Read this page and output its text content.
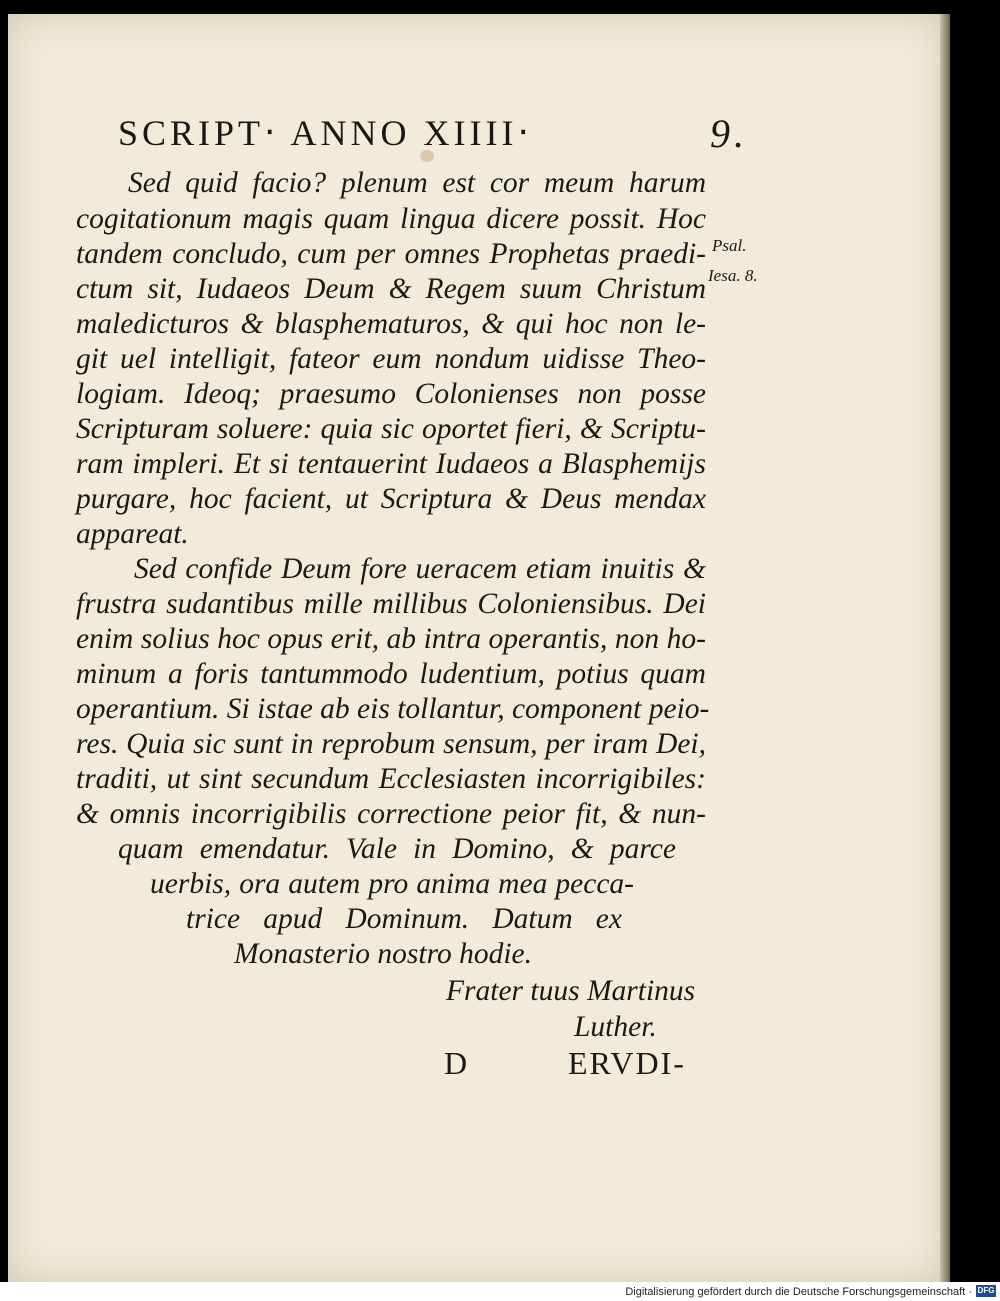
SCRIPT‧ ANNO XIIII‧	9.
Psal.
Iesa. 8.
Sed quid facio? plenum est cor meum harum
cogitationum magis quam lingua dicere possit. Hoc
tandem concludo, cum per omnes Prophetas praedi-
ctum sit, Iudaeos Deum & Regem suum Christum
maledicturos & blasphematuros, & qui hoc non le-
git uel intelligit, fateor eum nondum uidisse Theo-
logiam. Ideoq; praesumo Colonienses non posse
Scripturam soluere: quia sic oportet fieri, & Scriptu-
ram impleri. Et si tentauerint Iudaeos a Blasphemijs
purgare, hoc facient, ut Scriptura & Deus mendax
appareat.
Sed confide Deum fore ueracem etiam inuitis &
frustra sudantibus mille millibus Coloniensibus. Dei
enim solius hoc opus erit, ab intra operantis, non ho-
minum a foris tantummodo ludentium, potius quam
operantium. Si istae ab eis tollantur, component peio-
res. Quia sic sunt in reprobum sensum, per iram Dei,
traditi, ut sint secundum Ecclesiasten incorrigibiles:
& omnis incorrigibilis correctione peior fit, & nun-
quam emendatur. Vale in Domino, & parce
uerbis, ora autem pro anima mea pecca-
trice apud Dominum. Datum ex
Monasterio nostro hodie.
Frater tuus Martinus
Luther.
D	ERVDI-
Digitalisierung gefördert durch die Deutsche Forschungsgemeinschaft · DFG
